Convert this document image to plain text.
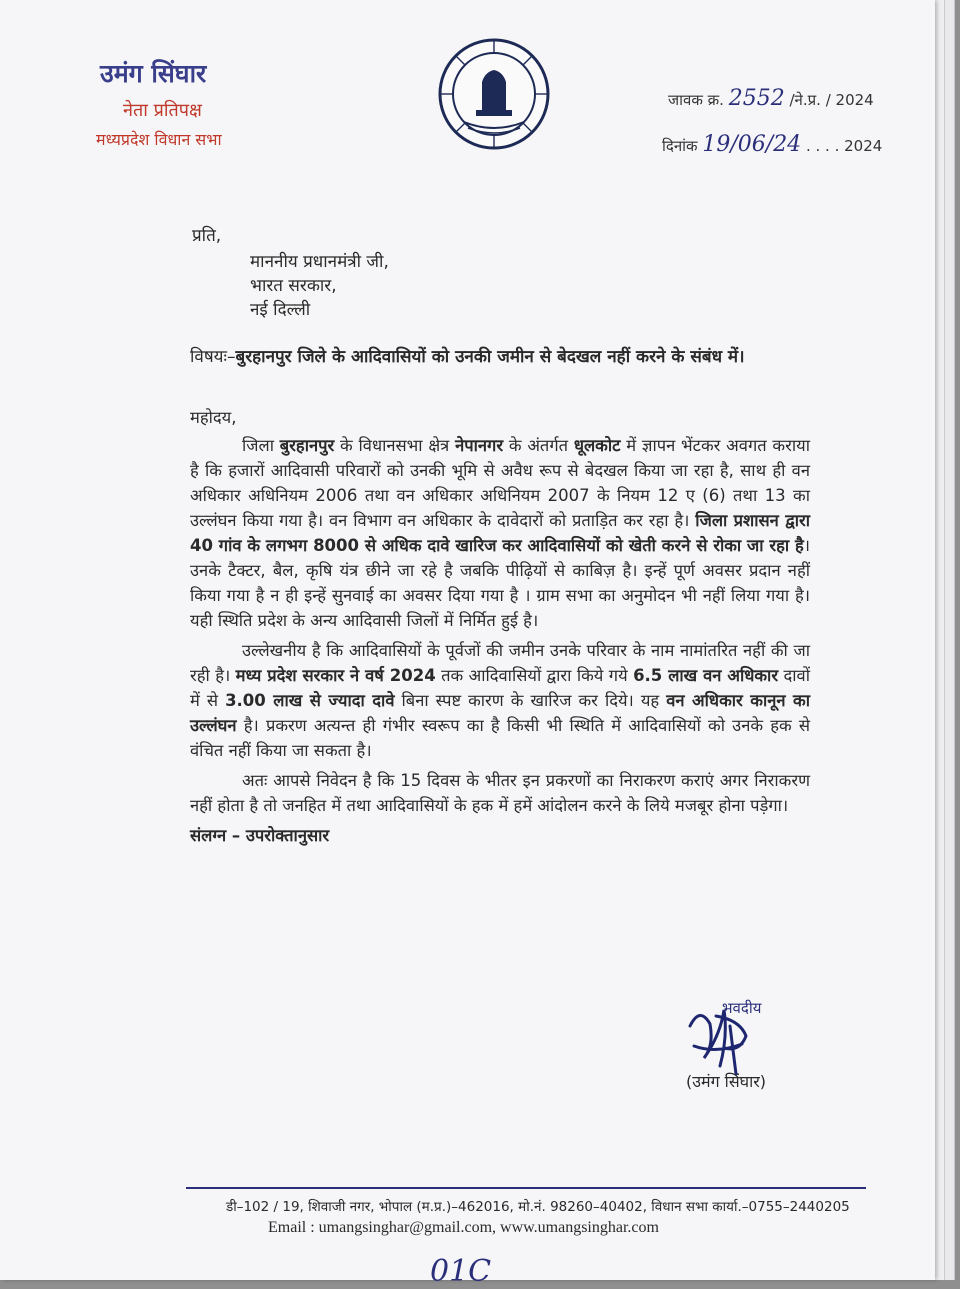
उमंग सिंघार
नेता प्रतिपक्ष
मध्यप्रदेश विधान सभा
जावक क्र. 2552 /ने.प्र. / 2024
दिनांक 19/06/24 . . . . 2024
प्रति,
माननीय प्रधानमंत्री जी,
भारत सरकार,
नई दिल्ली
विषयः–बुरहानपुर जिले के आदिवासियों को उनकी जमीन से बेदखल नहीं करने के संबंध में।
महोदय,

जिला बुरहानपुर के विधानसभा क्षेत्र नेपानगर के अंतर्गत धूलकोट में ज्ञापन भेंटकर अवगत कराया है कि हजारों आदिवासी परिवारों को उनकी भूमि से अवैध रूप से बेदखल किया जा रहा है, साथ ही वन अधिकार अधिनियम 2006 तथा वन अधिकार अधिनियम 2007 के नियम 12 ए (6) तथा 13 का उल्लंघन किया गया है। वन विभाग वन अधिकार के दावेदारों को प्रताड़ित कर रहा है। जिला प्रशासन द्वारा 40 गांव के लगभग 8000 से अधिक दावे खारिज कर आदिवासियों को खेती करने से रोका जा रहा है। उनके टैक्टर, बैल, कृषि यंत्र छीने जा रहे है जबकि पीढ़ियों से काबिज़ है। इन्हें पूर्ण अवसर प्रदान नहीं किया गया है न ही इन्हें सुनवाई का अवसर दिया गया है । ग्राम सभा का अनुमोदन भी नहीं लिया गया है। यही स्थिति प्रदेश के अन्य आदिवासी जिलों में निर्मित हुई है।

उल्लेखनीय है कि आदिवासियों के पूर्वजों की जमीन उनके परिवार के नाम नामांतरित नहीं की जा रही है। मध्य प्रदेश सरकार ने वर्ष 2024 तक आदिवासियों द्वारा किये गये 6.5 लाख वन अधिकार दावों में से 3.00 लाख से ज्यादा दावे बिना स्पष्ट कारण के खारिज कर दिये। यह वन अधिकार कानून का उल्लंघन है। प्रकरण अत्यन्त ही गंभीर स्वरूप का है किसी भी स्थिति में आदिवासियों को उनके हक से वंचित नहीं किया जा सकता है।

अतः आपसे निवेदन है कि 15 दिवस के भीतर इन प्रकरणों का निराकरण कराएं अगर निराकरण नहीं होता है तो जनहित में तथा आदिवासियों के हक में हमें आंदोलन करने के लिये मजबूर होना पड़ेगा।

संलग्न – उपरोक्तानुसार
भवदीय
(उमंग सिंघार)
डी–102 / 19, शिवाजी नगर, भोपाल (म.प्र.)–462016, मो.नं. 98260–40402, विधान सभा कार्या.–0755–2440205
Email : umangsinghar@gmail.com, www.umangsinghar.com
01C
